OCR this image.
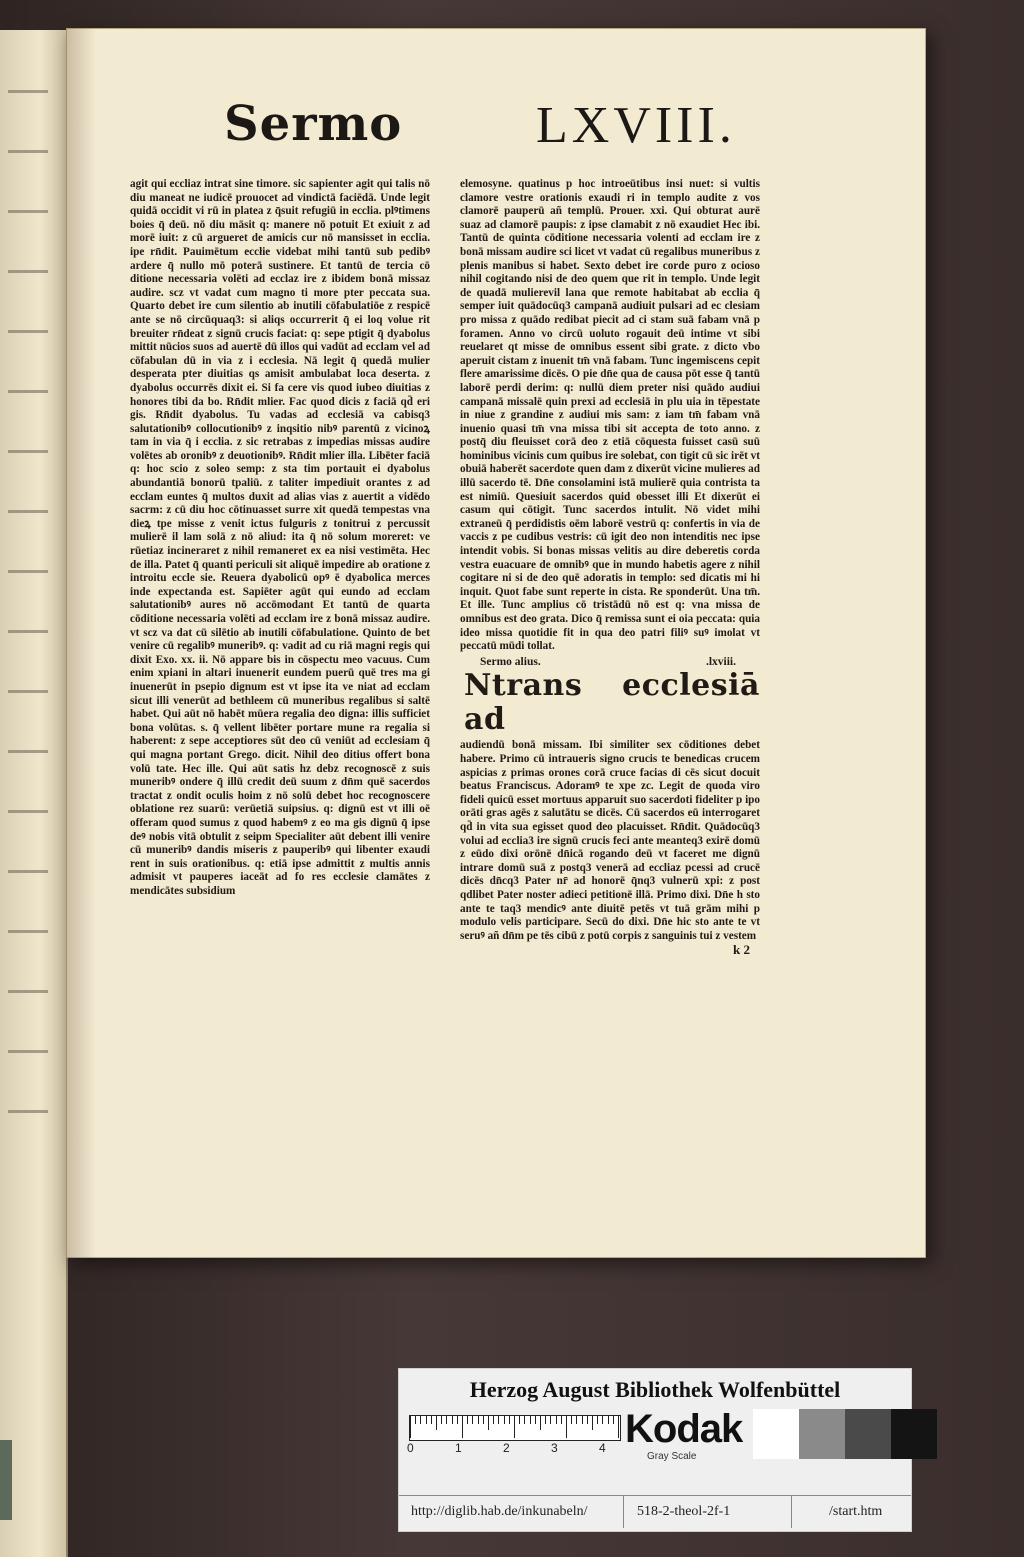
Sermo	LXVIII.

agit qui eccliaz intrat sine timore. sic sapienter agit qui talis nō diu maneat ne iudicē prouocet ad vindictā faciēdā. Unde legit quidā occidit vi rū in platea z q̄suit refugiū in ecclia. plꝰtimens boies q̄ deū. nō diu māsit q: manere nō potuit Et exiuit z ad morē iuit: z cū argueret de amicis cur nō mansisset in ecclia. ipe rn̄dit. Pauimētum eccłie videbat mihi tantū sub pedibꝰ ardere q̄ nullo mō poterā sustinere. Et tantū de tercia cō ditione necessaria volēti ad ecclaz ire z ibidem bonā missaz audire. scz vt vadat cum magno ti more pter peccata sua. Quarto debet ire cum silentio ab inutili cōfabulatiōe z respicē ante se nō circūquaq3: si aliqs occurrerit q̄ ei loq volue rit breuiter rn̄deat z signū crucis faciat: q: sepe ptigit q̄ dyabolus mittit nūcios suos ad auertē dū illos qui vadūt ad ecclam vel ad cōfabulan dū in via z i ecclesia. Nā legit q̄ quedā mulier desperata pter diuitias qs amisit ambulabat loca deserta. z dyabolus occurrēs dixit ei. Si fa cere vis quod iubeo diuitias z honores tibi da bo. Rn̄dit mlier. Fac quod dicis z faciā qd̄ eri gis. Rn̄dit dyabolus. Tu vadas ad ecclesiā va cabisq3 salutationibꝰ collocutionibꝰ z inqsitio nibꝰ parentū z vicinoꝝ tam in via q̄ i ecclia. z sic retrabas z impedias missas audire volētes ab oronibꝰ z deuotionibꝰ. Rn̄dit mlier illa. Libēter faciā q: hoc scio z soleo semp: z sta tim portauit ei dyabolus abundantiā bonorū tpaliū. z taliter impediuit orantes z ad ecclam euntes q̄ multos duxit ad alias vias z auertit a vidēdo sacrm: z cū diu hoc cōtinuasset surre xit quedā tempestas vna dieꝝ tpe misse z venit ictus fulguris z tonitrui z percussit mulierē il lam solā z nō aliud: ita q̄ nō solum moreret: ve rūetiaz incineraret z nihil remaneret ex ea nisi vestimēta. Hec de illa. Patet q̄ quanti periculi sit aliquē impedire ab oratione z introitu eccle sie. Reuera dyabolicū opꝰ ē dyabolica merces inde expectanda est. Sapiēter agūt qui eundo ad ecclam salutationibꝰ aures nō accōmodant Et tantū de quarta cōditione necessaria volēti ad ecclam ire z bonā missaz audire. vt scz va dat cū silētio ab inutili cōfabulatione. Quinto de bet venire cū regalibꝰ muneribꝰ. q: vadit ad cu riā magni regis qui dixit Exo. xx. ii. Nō appare bis in cōspectu meo vacuus. Cum enim xpiani in altari inuenerit eundem puerū quē tres ma gi inuenerūt in psepio dignum est vt ipse ita ve niat ad ecclam sicut illi venerūt ad bethleem cū muneribus regalibus si saltē habet. Qui aūt nō habēt mūera regalia deo digna: illis sufficiet bona volūtas. s. q̄ vellent libēter portare mune ra regalia si haberent: z sepe acceptiores sūt deo cū veniūt ad ecclesiam q̄ qui magna portant Grego. dicit. Nihil deo ditius offert bona volū tate. Hec ille. Qui aūt satis hz debz recognoscē z suis muneribꝰ ondere q̄ illū credit deū suum z dn̄m quē sacerdos tractat z ondit oculis hoim z nō solū debet hoc recognoscere oblatione rez suarū: verūetiā suipsius. q: dignū est vt illi oē offeram quod sumus z quod habemꝰ z eo ma gis dignū q̄ ipse deꝰ nobis vitā obtulit z seipm Specialiter aūt debent illi venire cū muneribꝰ dandis miseris z pauperibꝰ qui libenter exaudi rent in suis orationibus. q: etiā ipse admittit z multis annis admisit vt pauperes iaceāt ad fo res ecclesie clamātes z mendicātes subsidium

elemosyne. quatinus p hoc introeūtibus insi nuet: si vultis clamore vestre orationis exaudi ri in templo audite z vos clamorē pauperū añ templū. Prouer. xxi. Qui obturat aurē suaz ad clamorē paupis: z ipse clamabit z nō exaudiet Hec ibi. Tantū de quinta cōditione necessaria volenti ad ecclam ire z bonā missam audire sci licet vt vadat cū regalibus muneribus z plenis manibus si habet. Sexto debet ire corde puro z ocioso nihil cogitando nisi de deo quem que rit in templo. Unde legit de quadā mulierevil lana que remote habitabat ab ecclia q̄ semper iuit quādocūq3 campanā audiuit pulsari ad ec clesiam pro missa z quādo redibat piecit ad ci stam suā fabam vnā p foramen. Anno vo circū uoluto rogauit deū intime vt sibi reuelaret qt misse de omnibus essent sibi grate. z dicto vbo aperuit cistam z inuenit tm̄ vnā fabam. Tunc ingemiscens cepit flere amarissime dicēs. O pie dn̄e qua de causa pōt esse q̄ tantū laborē perdi derim: q: nullū diem preter nisi quādo audiui campanā missalē quin prexi ad ecclesiā in plu uia in tēpestate in niue z grandine z audiui mis sam: z iam tm̄ fabam vnā inuenio quasi tm̄ vna missa tibi sit accepta de toto anno. z postq̄ diu fleuisset corā deo z etiā cōquesta fuisset casū suū hominibus vicinis cum quibus ire solebat, con tigit cū sic irēt vt obuiā haberēt sacerdote quen dam z dixerūt vicine mulieres ad illū sacerdo tē. Dn̄e consolamini istā mulierē quia contrista ta est nimiū. Quesiuit sacerdos quid obesset illi Et dixerūt ei casum qui cōtigit. Tunc sacerdos intulit. Nō videt mihi extraneū q̄ perdidistis oēm laborē vestrū q: confertis in via de vaccis z pe cudibus vestris: cū igit deo non intenditis nec ipse intendit vobis. Si bonas missas velitis au dire deberetis corda vestra euacuare de omnibꝰ que in mundo habetis agere z nihil cogitare ni si de deo quē adoratis in templo: sed dicatis mi hi inquit. Quot fabe sunt reperte in cista. Re sponderūt. Una tm̄. Et ille. Tunc amplius cō tristādū nō est q: vna missa de omnibus est deo grata. Dico q̄ remissa sunt ei oia peccata: quia ideo missa quotidie fit in qua deo patri filiꝰ suꝰ imolat vt peccatū mūdi tollat.

Sermo alius.	.lxviii.
Ntrans ecclesiā ad

audiendū bonā missam. Ibi similiter sex cōditiones debet habere. Primo cū intraueris signo crucis te benedicas crucem aspicias z primas orones corā cruce facias di cēs sicut docuit beatus Franciscus. Adoramꝰ te xpe zc. Legit de quoda viro fideli quicū esset mortuus apparuit suo sacerdoti fideliter p ipo orāti gras agēs z salutātu se dicēs. Cū sacerdos eū interrogaret qd̄ in vita sua egisset quod deo placuisset. Rn̄dit. Quādocūq3 volui ad ecclia3 ire signū crucis feci ante meanteq3 exirē domū z eūdo dixi orōnē dn̄icā rogando deū vt faceret me dignū intrare domū suā z postq3 venerā ad eccliaz pcessi ad crucē dicēs dn̄cq3 Pater nr̄ ad honorē q̄nq3 vulnerū xpi: z post qdlibet Pater noster adieci petitionē illā. Primo dixi. Dn̄e h sto ante te taq3 mendicꝰ ante diuitē petēs vt tuā grām mihi p modulo velis participare. Secū do dixi. Dn̄e hic sto ante te vt seruꝰ añ dn̄m pe tēs cibū z potū corpis z sanguinis tui z vestem

k 2
Herzog August Bibliothek Wolfenbüttel
0	1	2	3	4 Kodak
Gray Scale
http://diglib.hab.de/inkunabeln/	518-2-theol-2f-1	/start.htm
